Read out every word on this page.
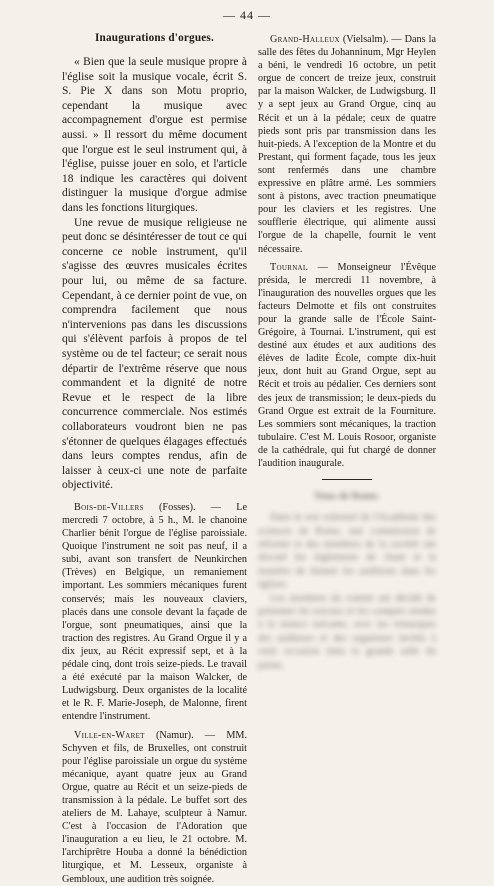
— 44 —
Inaugurations d'orgues.

« Bien que la seule musique propre à l'église soit la musique vocale, écrit S. S. Pie X dans son Motu proprio, cependant la musique avec accompagnement d'orgue est permise aussi. » Il ressort du même document que l'orgue est le seul instrument qui, à l'église, puisse jouer en solo, et l'article 18 indique les caractères qui doivent distinguer la musique d'orgue admise dans les fonctions liturgiques.

Une revue de musique religieuse ne peut donc se désintéresser de tout ce qui concerne ce noble instrument, qu'il s'agisse des œuvres musicales écrites pour lui, ou même de sa facture. Cependant, à ce dernier point de vue, on comprendra facilement que nous n'intervenions pas dans les discussions qui s'élèvent parfois à propos de tel système ou de tel facteur; ce serait nous départir de l'extrême réserve que nous commandent et la dignité de notre Revue et le respect de la libre concurrence commerciale. Nos estimés collaborateurs voudront bien ne pas s'étonner de quelques élagages effectués dans leurs comptes rendus, afin de laisser à ceux-ci une note de parfaite objectivité.

Bois-de-Villers (Fosses). — Le mercredi 7 octobre, à 5 h., M. le chanoine Charlier bénit l'orgue de l'église paroissiale. Quoique l'instrument ne soit pas neuf, il a subi, avant son transfert de Neunkirchen (Trèves) en Belgique, un remaniement important. Les sommiers mécaniques furent conservés; mais les nouveaux claviers, placés dans une console devant la façade de l'orgue, sont pneumatiques, ainsi que la traction des registres. Au Grand Orgue il y a dix jeux, au Récit expressif sept, et à la pédale cinq, dont trois seize-pieds. Le travail a été exécuté par la maison Walcker, de Ludwigsburg. Deux organistes de la localité et le R. F. Marie-Joseph, de Malonne, firent entendre l'instrument.

Ville-en-Waret (Namur). — MM. Schyven et fils, de Bruxelles, ont construit pour l'église paroissiale un orgue du système mécanique, ayant quatre jeux au Grand Orgue, quatre au Récit et un seize-pieds de transmission à la pédale. Le buffet sort des ateliers de M. Lahaye, sculpteur à Namur. C'est à l'occasion de l'Adoration que l'inauguration a eu lieu, le 21 octobre. M. l'archiprêtre Houba a donné la bénédiction liturgique, et M. Lesseux, organiste à Gembloux, une audition très soignée.

Grand-Halleux (Vielsalm). — Dans la salle des fêtes du Johanninum, Mgr Heylen a béni, le vendredi 16 octobre, un petit orgue de concert de treize jeux, construit par la maison Walcker, de Ludwigsburg. Il y a sept jeux au Grand Orgue, cinq au Récit et un à la pédale; ceux de quatre pieds sont pris par transmission dans les huit-pieds. A l'exception de la Montre et du Prestant, qui forment façade, tous les jeux sont renfermés dans une chambre expressive en plâtre armé. Les sommiers sont à pistons, avec traction pneumatique pour les claviers et les registres. Une soufflerie électrique, qui alimente aussi l'orgue de la chapelle, fournit le vent nécessaire.

Tournai. — Monseigneur l'Évêque présida, le mercredi 11 novembre, à l'inauguration des nouvelles orgues que les facteurs Delmotte et fils ont construites pour la grande salle de l'École Saint-Grégoire, à Tournai. L'instrument, qui est destiné aux études et aux auditions des élèves de ladite École, compte dix-huit jeux, dont huit au Grand Orgue, sept au Récit et trois au pédalier. Ces derniers sont des jeux de transmission; le deux-pieds du Grand Orgue est extrait de la Fourniture. Les sommiers sont mécaniques, la traction tubulaire. C'est M. Louis Rosoor, organiste de la cathédrale, qui fut chargé de donner l'audition inaugurale.

Nous de Rome.

Dans le soir solennel de l'Académie des sciences de Rome, une commission de réforme et des membres de la société ont discuté les règlements de chant et la manière de donner les auditions dans les églises.

Les membres du comité ont décidé de présenter les travaux et les comptes rendus à la séance suivante, avec les remarques des auditeurs et des organistes invités à cette occasion dans la grande salle du palais.
